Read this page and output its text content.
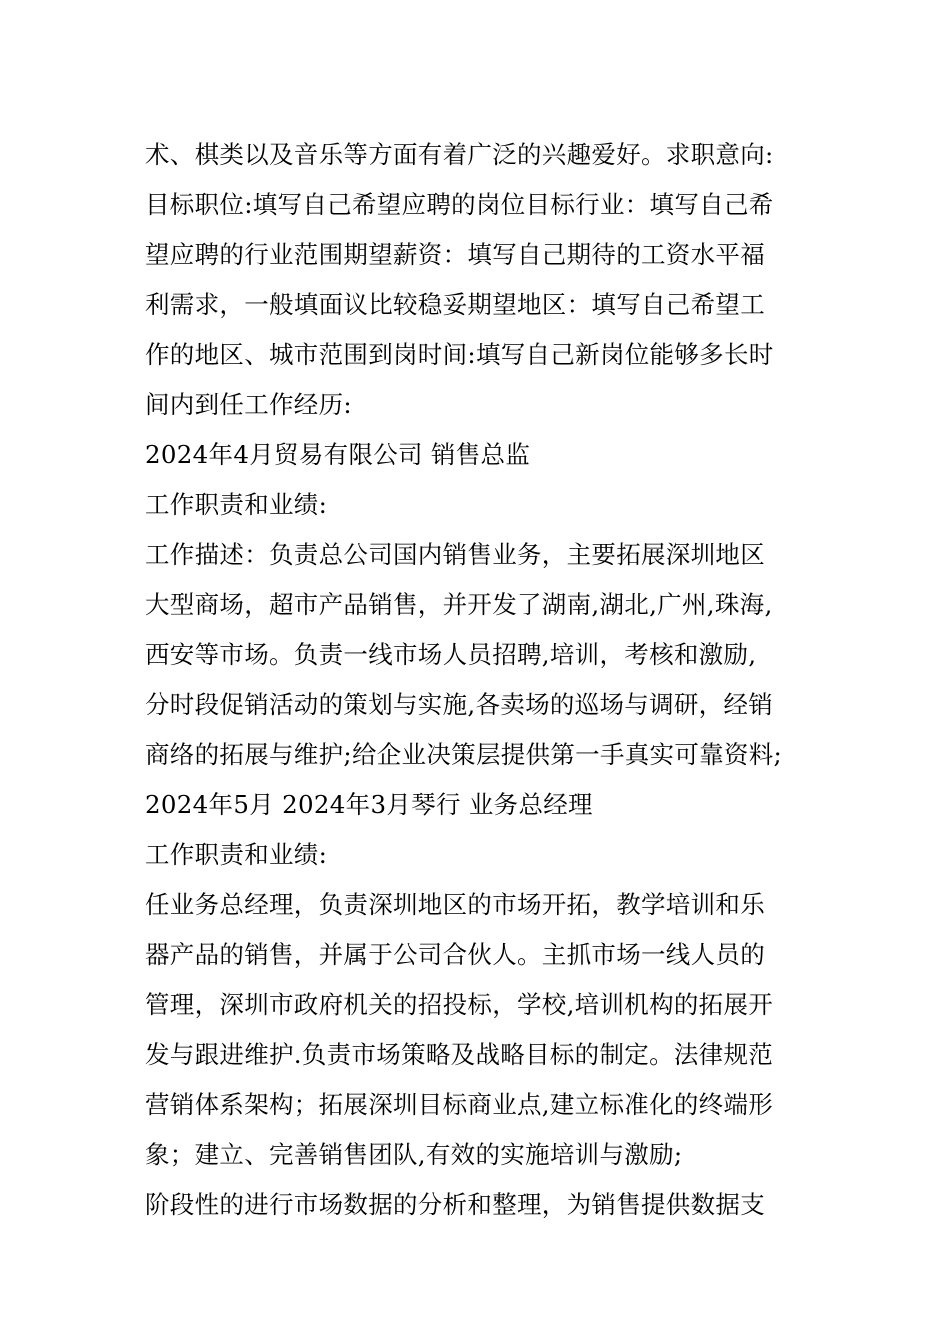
术、棋类以及音乐等方面有着广泛的兴趣爱好。求职意向:
目标职位:填写自己希望应聘的岗位目标行业：填写自己希
望应聘的行业范围期望薪资：填写自己期待的工资水平福
利需求，一般填面议比较稳妥期望地区：填写自己希望工
作的地区、城市范围到岗时间:填写自己新岗位能够多长时
间内到任工作经历:
2024年4月贸易有限公司 销售总监
工作职责和业绩:
工作描述：负责总公司国内销售业务，主要拓展深圳地区
大型商场，超市产品销售，并开发了湖南,湖北,广州,珠海,
西安等市场。负责一线市场人员招聘,培训，考核和激励,
分时段促销活动的策划与实施,各卖场的巡场与调研，经销
商络的拓展与维护;给企业决策层提供第一手真实可靠资料;
2024年5月 2024年3月琴行 业务总经理
工作职责和业绩:
任业务总经理，负责深圳地区的市场开拓，教学培训和乐
器产品的销售，并属于公司合伙人。主抓市场一线人员的
管理，深圳市政府机关的招投标，学校,培训机构的拓展开
发与跟进维护.负责市场策略及战略目标的制定。法律规范
营销体系架构；拓展深圳目标商业点,建立标准化的终端形
象；建立、完善销售团队,有效的实施培训与激励;
阶段性的进行市场数据的分析和整理，为销售提供数据支
